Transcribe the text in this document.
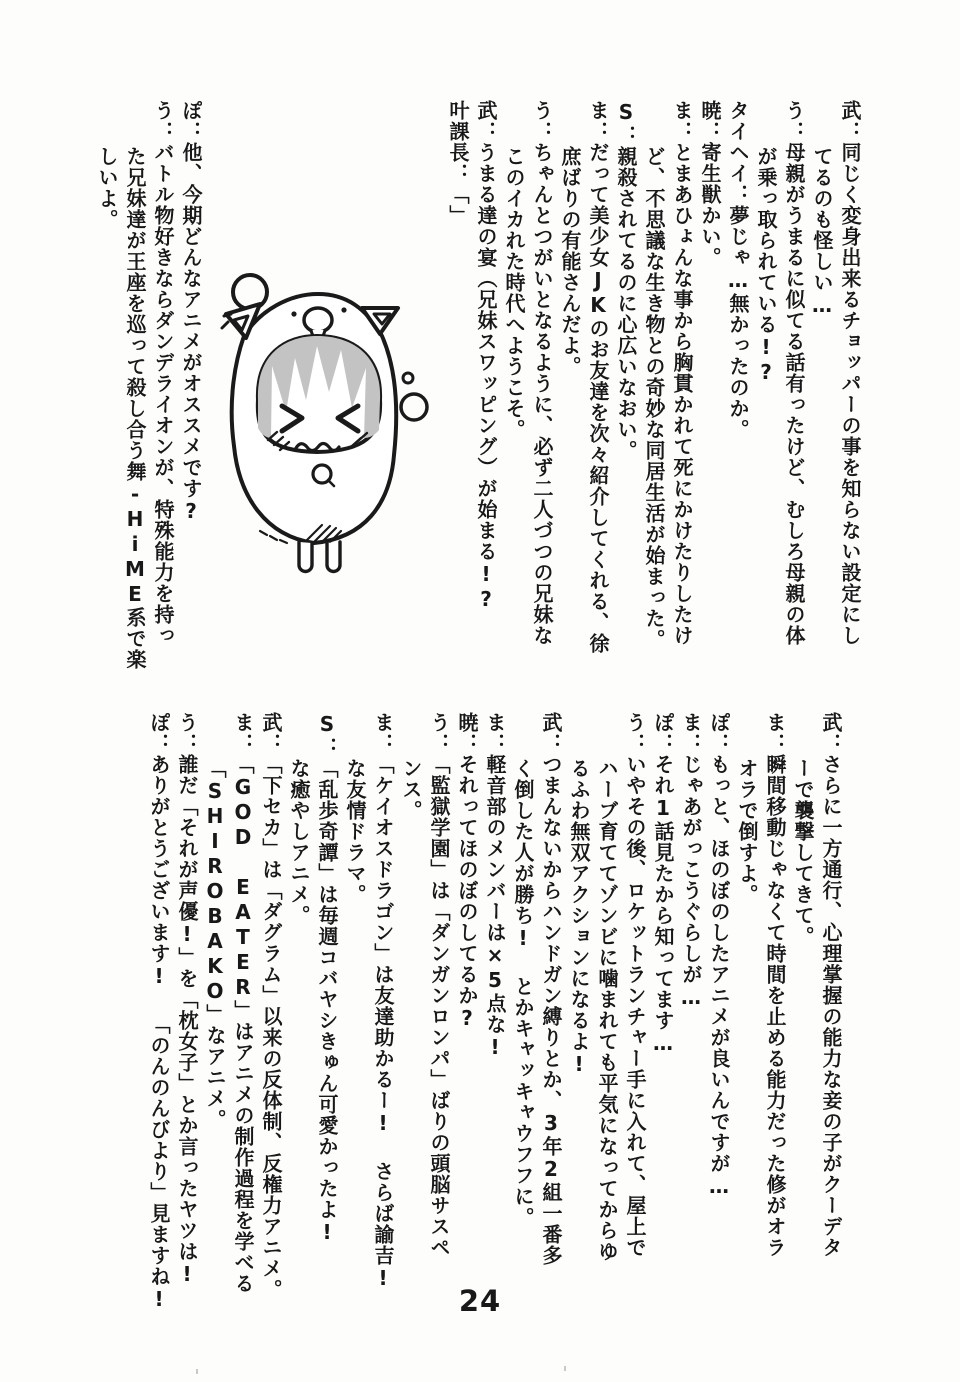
武：同じく変身出来るチョッパーの事を知らない設定にし
てるのも怪しい…
う：母親がうまるに似てる話有ったけど、むしろ母親の体
が乗っ取られている!?
タイヘイ：夢じゃ…無かったのか。
暁：寄生獣かい。
ま：とまあひょんな事から胸貫かれて死にかけたりしたけ
ど、不思議な生き物との奇妙な同居生活が始まった。
S：親殺されてるのに心広いなおい。
ま：だって美少女JKのお友達を次々紹介してくれる、徐
庶ばりの有能さんだよ。
う：ちゃんとつがいとなるように、必ず二人づつの兄妹な
このイカれた時代へようこそ。
武：うまる達の宴（兄妹スワッピング）が始まる!?
叶課長：「」
ぽ：他、今期どんなアニメがオススメです?
う：バトル物好きならダンデライオンが、特殊能力を持っ
た兄妹達が王座を巡って殺し合う舞‐HiME系で楽
しいよ。
武：さらに一方通行、心理掌握の能力な妾の子がクーデタ
ーで襲撃してきて。
ま：瞬間移動じゃなくて時間を止める能力だった修がオラ
オラで倒すよ。
ぽ：もっと、ほのぼのしたアニメが良いんですが…
ま：じゃあがっこうぐらしが…
ぽ：それ1話見たから知ってます…
う：いやその後、ロケットランチャー手に入れて、屋上で
ハーブ育ててゾンビに噛まれても平気になってからゆ
るふわ無双アクションになるよ!
武：つまんないからハンドガン縛りとか、3年2組一番多
く倒した人が勝ち! とかキャッキャウフフに。
ま：軽音部のメンバーは×5点な!
暁：それってほのぼのしてるか?
う：「監獄学園」は「ダンガンロンパ」ばりの頭脳サスペ
ンス。
ま：「ケイオスドラゴン」は友達助かるー! さらば諭吉!
な友情ドラマ。
S：「乱歩奇譚」は毎週コバヤシきゅん可愛かったよ!
な癒やしアニメ。
武：「下セカ」は「ダグラム」以来の反体制、反権力アニメ。
ま：「GOD EATER」はアニメの制作過程を学べる
「SHIROBAKO」なアニメ。
う：誰だ「それが声優!」を「枕女子」とか言ったヤツは!
ぽ：ありがとうございます! 「のんのんびより」見ますね!	24
